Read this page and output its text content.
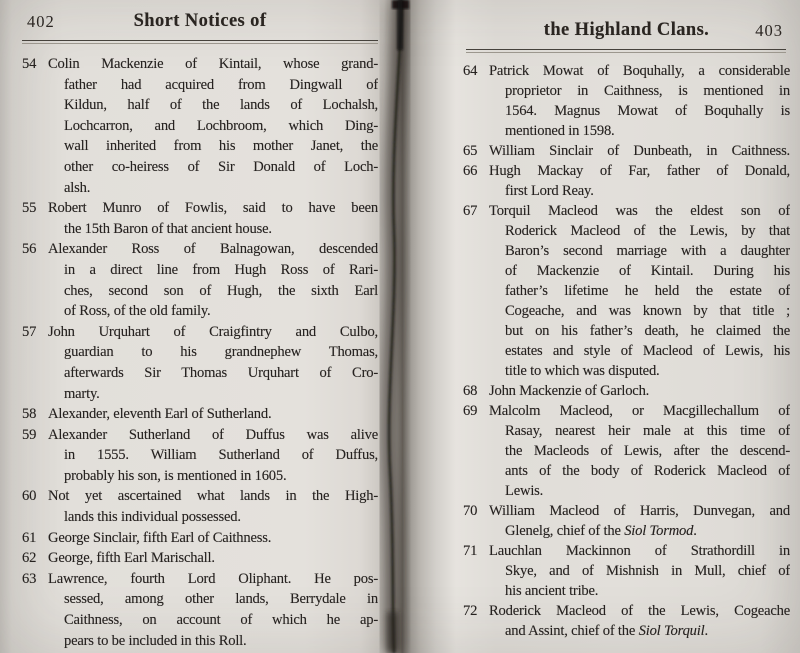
402	Short Notices of
54 Colin Mackenzie of Kintail, whose grand-
father had acquired from Dingwall of
Kildun, half of the lands of Lochalsh,
Lochcarron, and Lochbroom, which Ding-
wall inherited from his mother Janet, the
other co-heiress of Sir Donald of Loch-
alsh.
55 Robert Munro of Fowlis, said to have been
the 15th Baron of that ancient house.
56 Alexander Ross of Balnagowan, descended
in a direct line from Hugh Ross of Rari-
ches, second son of Hugh, the sixth Earl
of Ross, of the old family.
57 John Urquhart of Craigfintry and Culbo,
guardian to his grandnephew Thomas,
afterwards Sir Thomas Urquhart of Cro-
marty.
58 Alexander, eleventh Earl of Sutherland.
59 Alexander Sutherland of Duffus was alive
in 1555. William Sutherland of Duffus,
probably his son, is mentioned in 1605.
60 Not yet ascertained what lands in the High-
lands this individual possessed.
61 George Sinclair, fifth Earl of Caithness.
62 George, fifth Earl Marischall.
63 Lawrence, fourth Lord Oliphant. He pos-
sessed, among other lands, Berrydale in
Caithness, on account of which he ap-
pears to be included in this Roll.
the Highland Clans.	403
64 Patrick Mowat of Boquhally, a considerable
proprietor in Caithness, is mentioned in
1564. Magnus Mowat of Boquhally is
mentioned in 1598.
65 William Sinclair of Dunbeath, in Caithness.
66 Hugh Mackay of Far, father of Donald,
first Lord Reay.
67 Torquil Macleod was the eldest son of
Roderick Macleod of the Lewis, by that
Baron’s second marriage with a daughter
of Mackenzie of Kintail. During his
father’s lifetime he held the estate of
Cogeache, and was known by that title ;
but on his father’s death, he claimed the
estates and style of Macleod of Lewis, his
title to which was disputed.
68 John Mackenzie of Garloch.
69 Malcolm Macleod, or Macgillechallum of
Rasay, nearest heir male at this time of
the Macleods of Lewis, after the descend-
ants of the body of Roderick Macleod of
Lewis.
70 William Macleod of Harris, Dunvegan, and
Glenelg, chief of the Siol Tormod.
71 Lauchlan Mackinnon of Strathordill in
Skye, and of Mishnish in Mull, chief of
his ancient tribe.
72 Roderick Macleod of the Lewis, Cogeache
and Assint, chief of the Siol Torquil.
